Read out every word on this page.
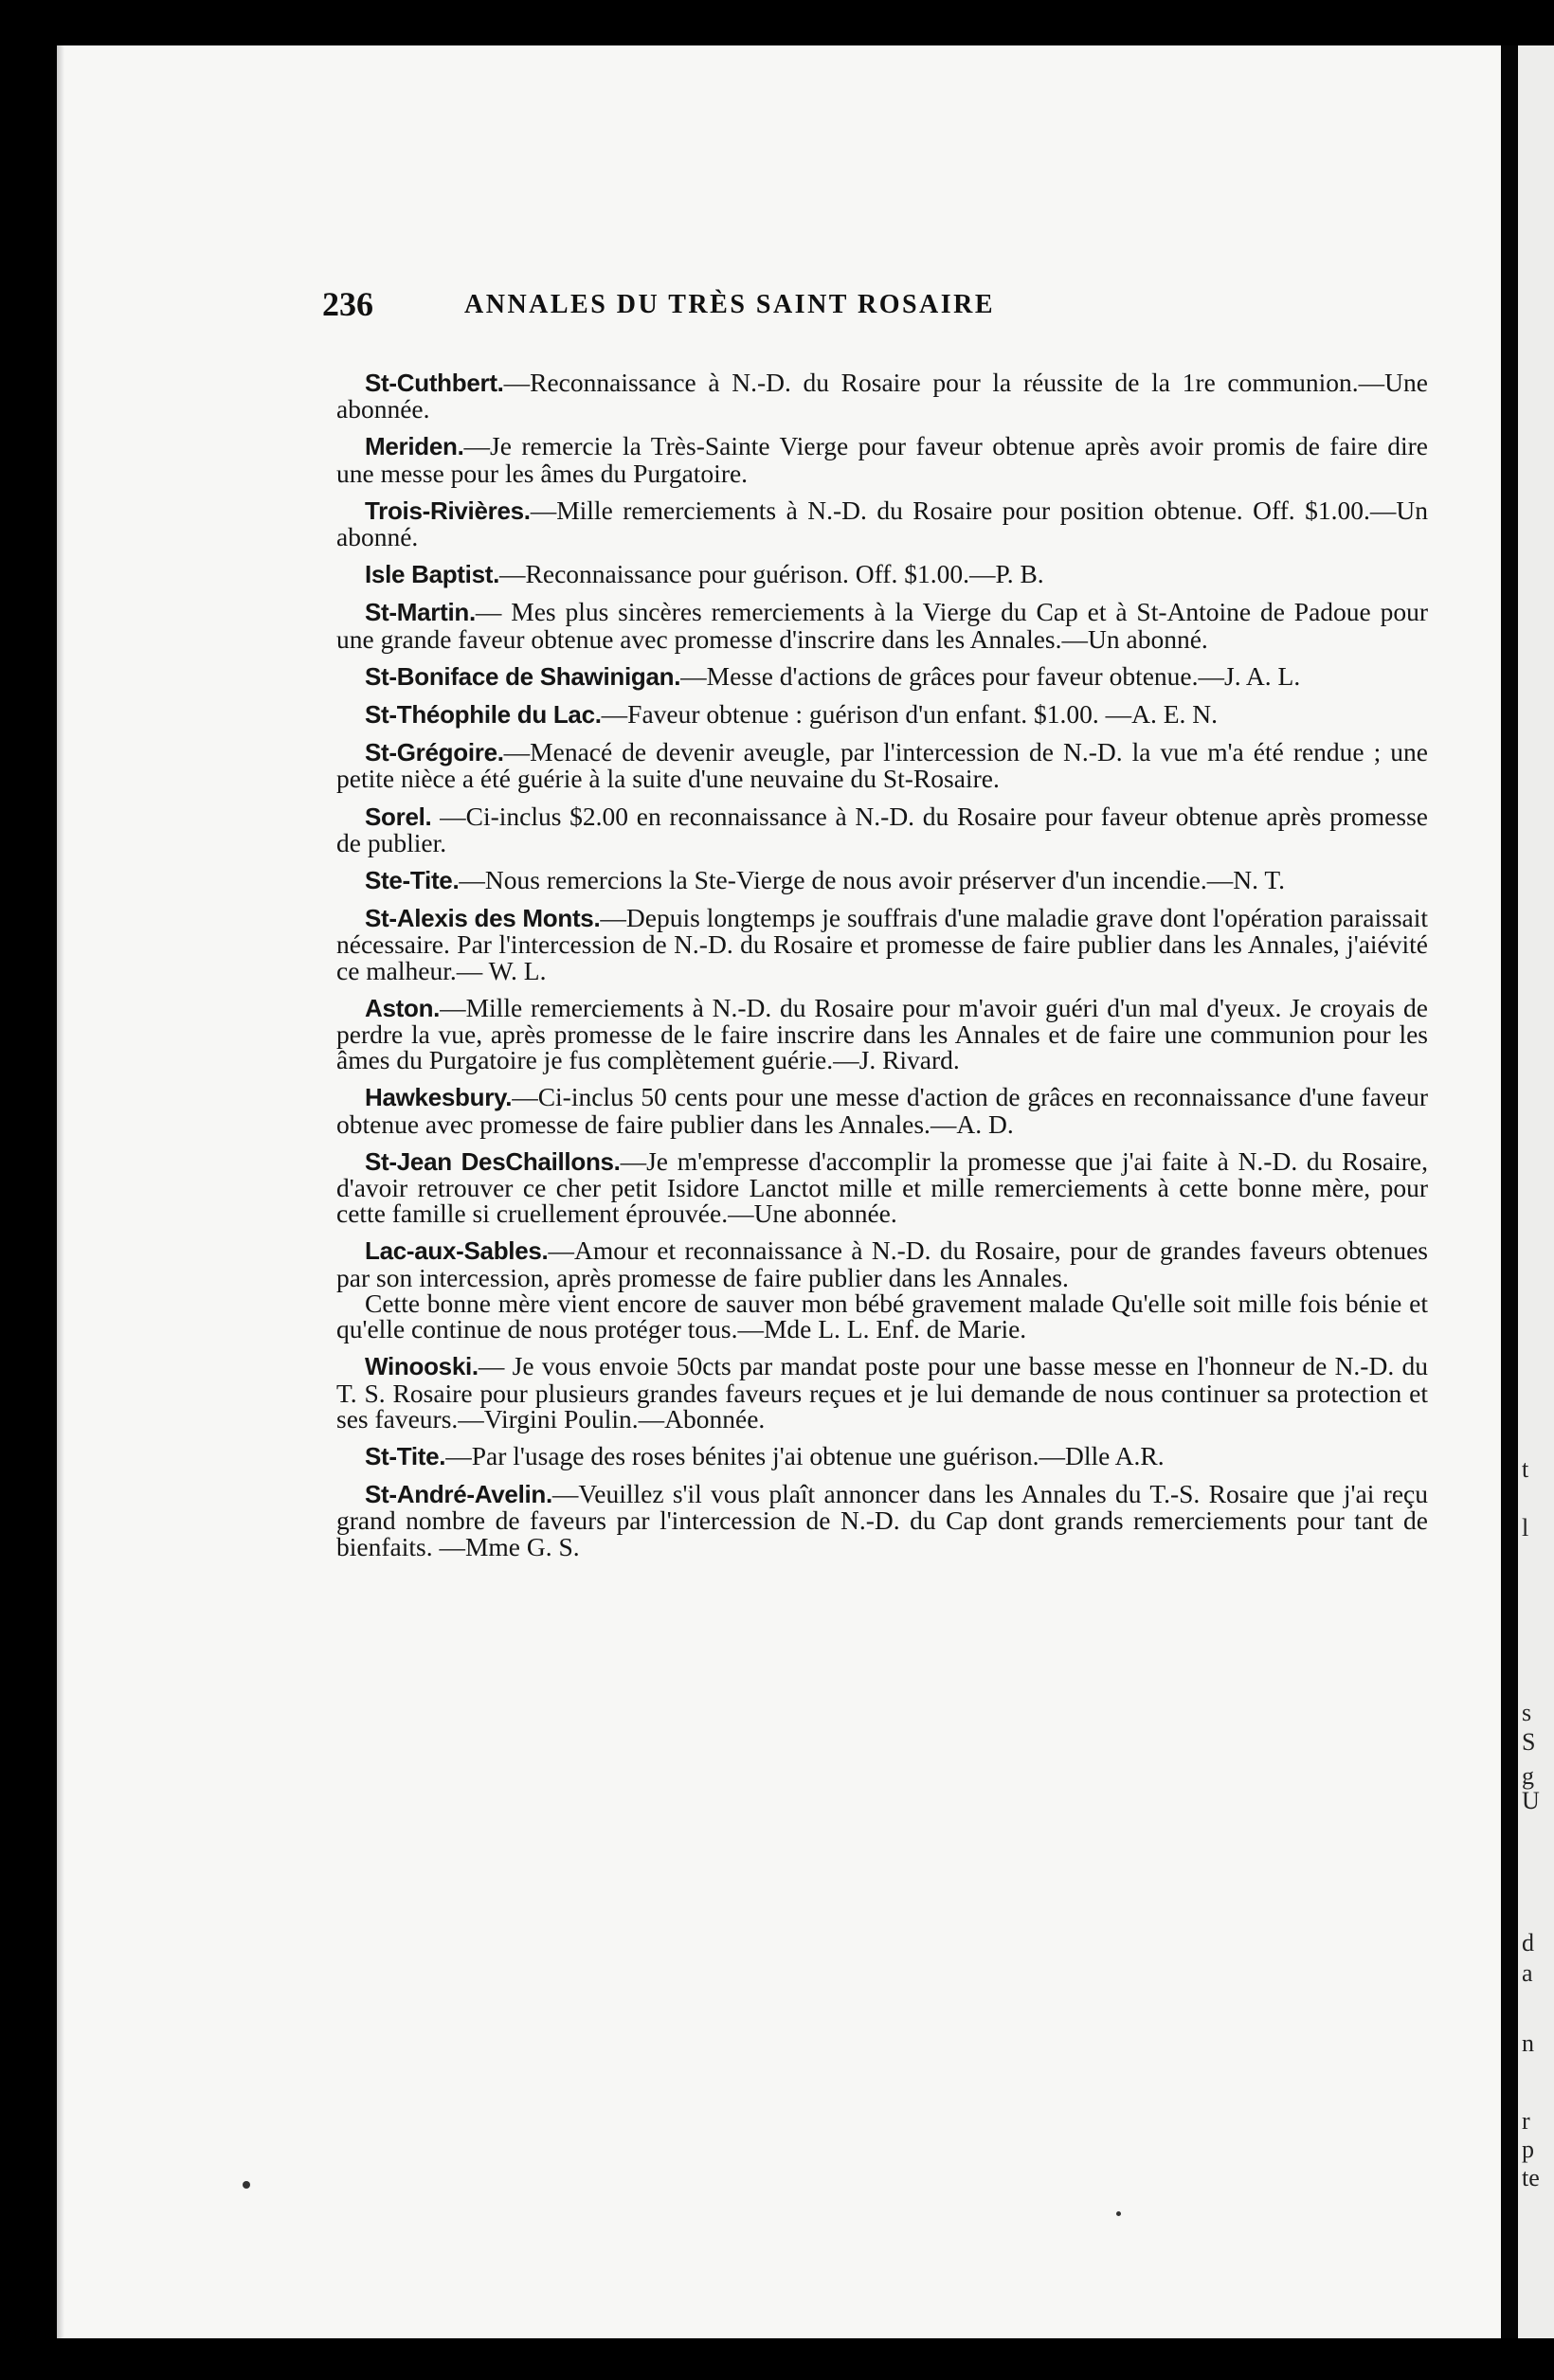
t
l
s
S
g
U
d
a
n
r
p
te
236	ANNALES DU TRÈS SAINT ROSAIRE

St-Cuthbert.—Reconnaissance à N.-D. du Rosaire pour la réussite de la 1re communion.—Une abonnée.

Meriden.—Je remercie la Très-Sainte Vierge pour faveur obtenue après avoir promis de faire dire une messe pour les âmes du Purgatoire.

Trois-Rivières.—Mille remerciements à N.-D. du Rosaire pour position obtenue. Off. $1.00.—Un abonné.

Isle Baptist.—Reconnaissance pour guérison. Off. $1.00.—P. B.

St-Martin.— Mes plus sincères remerciements à la Vierge du Cap et à St-Antoine de Padoue pour une grande faveur obtenue avec promesse d'inscrire dans les Annales.—Un abonné.

St-Boniface de Shawinigan.—Messe d'actions de grâces pour faveur obtenue.—J. A. L.

St-Théophile du Lac.—Faveur obtenue : guérison d'un enfant. $1.00. —A. E. N.

St-Grégoire.—Menacé de devenir aveugle, par l'intercession de N.-D. la vue m'a été rendue ; une petite nièce a été guérie à la suite d'une neuvaine du St-Rosaire.

Sorel. —Ci-inclus $2.00 en reconnaissance à N.-D. du Rosaire pour faveur obtenue après promesse de publier.

Ste-Tite.—Nous remercions la Ste-Vierge de nous avoir préserver d'un incendie.—N. T.

St-Alexis des Monts.—Depuis longtemps je souffrais d'une maladie grave dont l'opération paraissait nécessaire. Par l'intercession de N.-D. du Rosaire et promesse de faire publier dans les Annales, j'aiévité ce malheur.— W. L.

Aston.—Mille remerciements à N.-D. du Rosaire pour m'avoir guéri d'un mal d'yeux. Je croyais de perdre la vue, après promesse de le faire inscrire dans les Annales et de faire une communion pour les âmes du Purgatoire je fus complètement guérie.—J. Rivard.

Hawkesbury.—Ci-inclus 50 cents pour une messe d'action de grâces en reconnaissance d'une faveur obtenue avec promesse de faire publier dans les Annales.—A. D.

St-Jean DesChaillons.—Je m'empresse d'accomplir la promesse que j'ai faite à N.-D. du Rosaire, d'avoir retrouver ce cher petit Isidore Lanctot mille et mille remerciements à cette bonne mère, pour cette famille si cruellement éprouvée.—Une abonnée.

Lac-aux-Sables.—Amour et reconnaissance à N.-D. du Rosaire, pour de grandes faveurs obtenues par son intercession, après promesse de faire publier dans les Annales.

Cette bonne mère vient encore de sauver mon bébé gravement malade Qu'elle soit mille fois bénie et qu'elle continue de nous protéger tous.—Mde L. L. Enf. de Marie.

Winooski.— Je vous envoie 50cts par mandat poste pour une basse messe en l'honneur de N.-D. du T. S. Rosaire pour plusieurs grandes faveurs reçues et je lui demande de nous continuer sa protection et ses faveurs.—Virgini Poulin.—Abonnée.

St-Tite.—Par l'usage des roses bénites j'ai obtenue une guérison.—Dlle A.R.

St-André-Avelin.—Veuillez s'il vous plaît annoncer dans les Annales du T.-S. Rosaire que j'ai reçu grand nombre de faveurs par l'intercession de N.-D. du Cap dont grands remerciements pour tant de bienfaits. —Mme G. S.
